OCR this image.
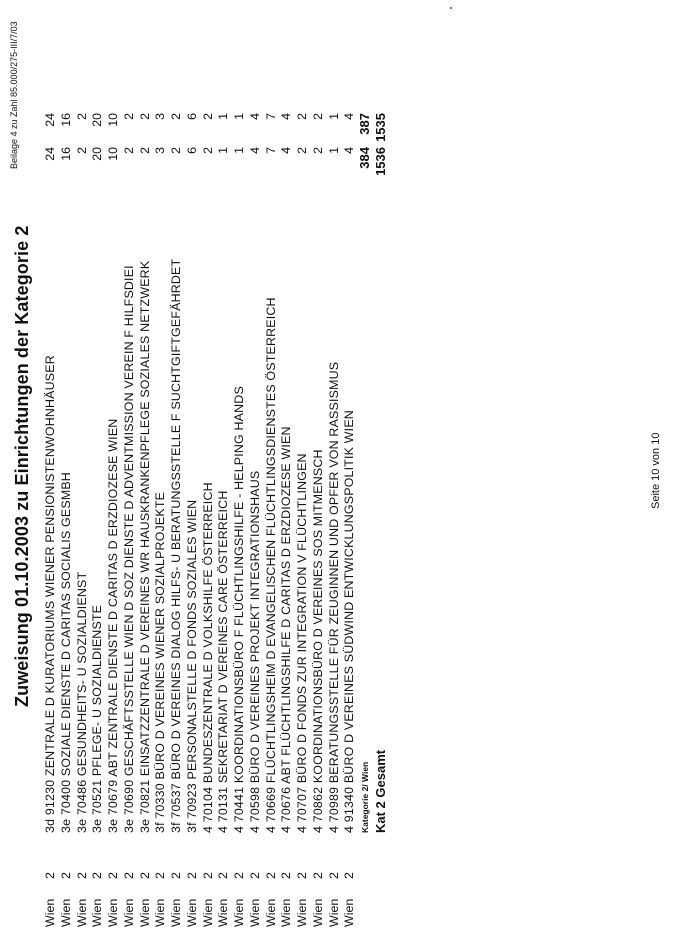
Zuweisung 01.10.2003 zu Einrichtungen der Kategorie 2
Beilage 4 zu Zahl 85.000/275-III/7/03
Wien
2
3d 91230 ZENTRALE D KURATORIUMS WIENER PENSIONISTENWOHNHÄUSER
24
24
Wien
2
3e 70400 SOZIALE DIENSTE D CARITAS SOCIALIS GESMBH
16
16
Wien
2
3e 70486 GESUNDHEITS- U SOZIALDIENST
2
2
Wien
2
3e 70521 PFLEGE- U SOZIALDIENSTE
20
20
Wien
2
3e 70679 ABT ZENTRALE DIENSTE D CARITAS D ERZDIOZESE WIEN
10
10
Wien
2
3e 70690 GESCHÄFTSSTELLE WIEN D SOZ DIENSTE D ADVENTMISSION VEREIN F HILFSDIEI
2
2
Wien
2
3e 70821 EINSATZZENTRALE D VEREINES WR HAUSKRANKENPFLEGE SOZIALES NETZWERK
2
2
Wien
2
3f 70330 BÜRO D VEREINES WIENER SOZIALPROJEKTE
3
3
Wien
2
3f 70537 BÜRO D VEREINES DIALOG HILFS- U BERATUNGSSTELLE F SUCHTGIFTGEFÄHRDET
2
2
Wien
2
3f 70923 PERSONALSTELLE D FONDS SOZIALES WIEN
6
6
Wien
2
4 70104 BUNDESZENTRALE D VOLKSHILFE ÖSTERREICH
2
2
Wien
2
4 70131 SEKRETARIAT D VEREINES CARE ÖSTERREICH
1
1
Wien
2
4 70441 KOORDINATIONSBÜRO F FLÜCHTLINGSHILFE - HELPING HANDS
1
1
Wien
2
4 70598 BÜRO D VEREINES PROJEKT INTEGRATIONSHAUS
4
4
Wien
2
4 70669 FLÜCHTLINGSHEIM D EVANGELISCHEN FLÜCHTLINGSDIENSTES ÖSTERREICH
7
7
Wien
2
4 70676 ABT FLÜCHTLINGSHILFE D CARITAS D ERZDIOZESE WIEN
4
4
Wien
2
4 70707 BÜRO D FONDS ZUR INTEGRATION V FLÜCHTLINGEN
2
2
Wien
2
4 70862 KOORDINATIONSBÜRO D VEREINES SOS MITMENSCH
2
2
Wien
2
4 70989 BERATUNGSSTELLE FÜR ZEUGINNEN UND OPFER VON RASSISMUS
1
1
Wien
2
4 91340 BÜRO D VEREINES SÜDWIND ENTWICKLUNGSPOLITIK WIEN
4
4
Kategorie 2/ Wien
384
387
Kat 2 Gesamt
1536
1535
Seite 10 von 10
